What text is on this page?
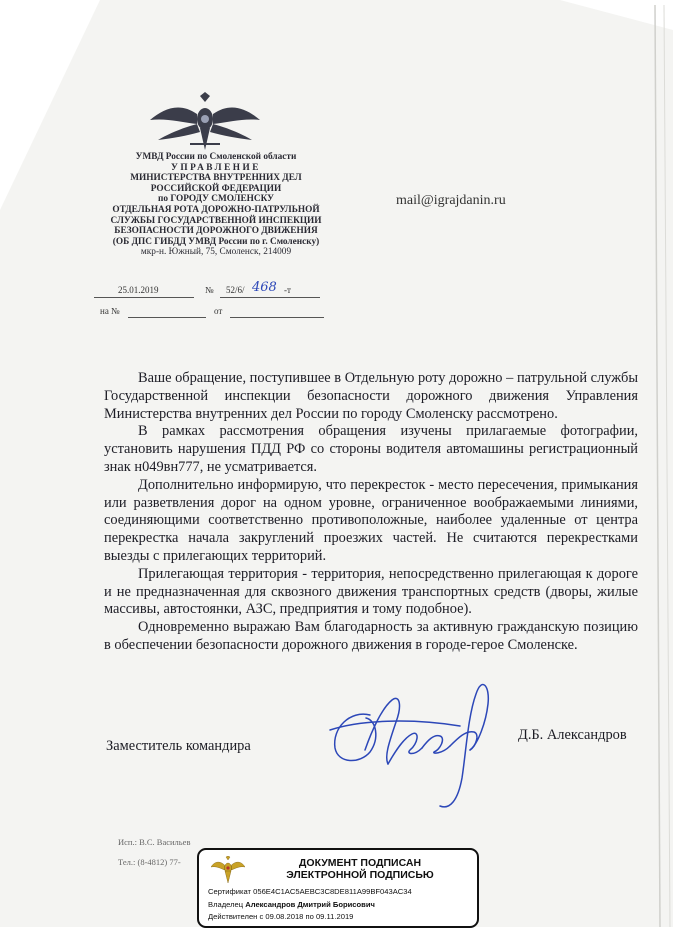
УМВД России по Смоленской области
УПРАВЛЕНИЕ
МИНИСТЕРСТВА ВНУТРЕННИХ ДЕЛ
РОССИЙСКОЙ ФЕДЕРАЦИИ
по ГОРОДУ СМОЛЕНСКУ
ОТДЕЛЬНАЯ РОТА ДОРОЖНО-ПАТРУЛЬНОЙ
СЛУЖБЫ ГОСУДАРСТВЕННОЙ ИНСПЕКЦИИ
БЕЗОПАСНОСТИ ДОРОЖНОГО ДВИЖЕНИЯ
(ОБ ДПС ГИБДД УМВД России по г. Смоленску)
мкр-н. Южный, 75, Смоленск, 214009
25.01.2019	№ 52/6/ 468 -т
на №	от
mail@igrajdanin.ru

Ваше обращение, поступившее в Отдельную роту дорожно – патрульной службы Государственной инспекции безопасности дорожного движения Управления Министерства внутренних дел России по городу Смоленску рассмотрено.

В рамках рассмотрения обращения изучены прилагаемые фотографии, установить нарушения ПДД РФ со стороны водителя автомашины регистрационный знак н049вн777, не усматривается.

Дополнительно информирую, что перекресток - место пересечения, примыкания или разветвления дорог на одном уровне, ограниченное воображаемыми линиями, соединяющими соответственно противоположные, наиболее удаленные от центра перекрестка начала закруглений проезжих частей. Не считаются перекрестками выезды с прилегающих территорий.

Прилегающая территория - территория, непосредственно прилегающая к дороге и не предназначенная для сквозного движения транспортных средств (дворы, жилые массивы, автостоянки, АЗС, предприятия и тому подобное).

Одновременно выражаю Вам благодарность за активную гражданскую позицию в обеспечении безопасности дорожного движения в городе-герое Смоленске.

Заместитель командира
Д.Б. Александров
Исп.: В.С. Васильев
Тел.: (8-4812) 77-	ДОКУМЕНТ ПОДПИСАН
ЭЛЕКТРОННОЙ ПОДПИСЬЮ
Сертификат 056E4C1AC5AEBC3C8DE811A99BF043AC34
Владелец Александров Дмитрий Борисович
Действителен с 09.08.2018 по 09.11.2019
